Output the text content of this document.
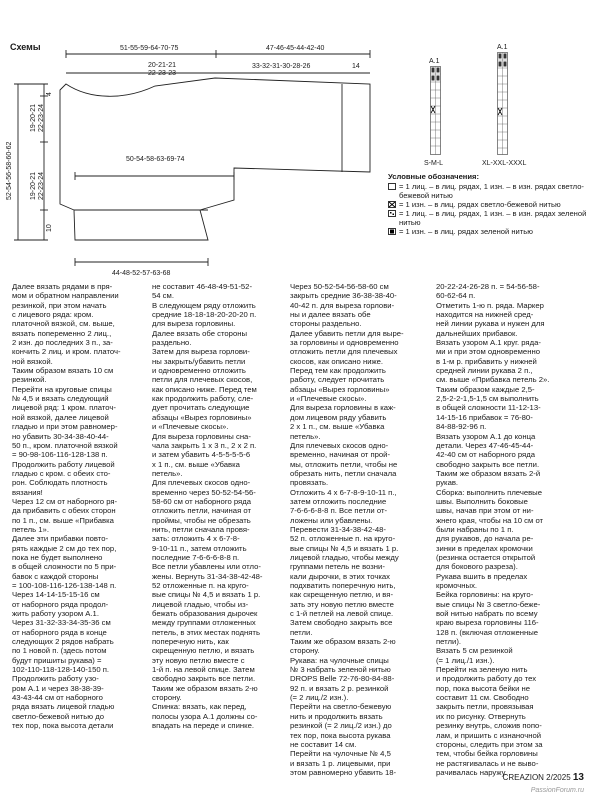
Схемы	51-55-59-64-70-75	47-46-45-44-42-40
20-21-21
22-23-23
33-32-31-30-28-26	14
50-54-58-63-69-74
44-48-52-57-63-68
52-54-56-58-60-62
4
19-20-21
22-23-24
19-20-21
22-23-24
10
A.1
A.1
S-M-L	XL-XXL-XXXL
Условные обозначения:
= 1 лиц. – в лиц. рядах, 1 изн. – в изн. рядах светло-бежевой нитью
= 1 изн. – в лиц. рядах светло-бежевой нитью
= 1 лиц. – в лиц. рядах, 1 изн. – в изн. рядах зеленой нитью
= 1 изн. – в лиц. рядах зеленой нитью
Далее вязать рядами в пря-
мом и обратном направлении
резинкой, при этом начать
с лицевого ряда: кром.
платочной вязкой, см. выше,
вязать попеременно 2 лиц.,
2 изн. до последних 3 п., за-
кончить 2 лиц. и кром. платоч-
ной вязкой.
Таким образом вязать 10 см
резинкой.
Перейти на круговые спицы
№ 4,5 и вязать следующий
лицевой ряд: 1 кром. платоч-
ной вязкой, далее лицевой
гладью и при этом равномер-
но убавить 30-34-38-40-44-
50 п., кром. платочной вязкой
= 90-98-106-116-128-138 п.
Продолжить работу лицевой
гладью с кром. с обеих сто-
рон. Соблюдать плотность
вязания!
Через 12 см от наборного ря-
да прибавить с обеих сторон
по 1 п., см. выше «Прибавка
петель 1».
Далее эти прибавки повто-
рять каждые 2 см до тех пор,
пока не будет выполнено
в общей сложности по 5 при-
бавок с каждой стороны
= 100-108-116-126-138-148 п.
Через 14-14-15-15-16 см
от наборного ряда продол-
жить работу узором А.1.
Через 31-32-33-34-35-36 см
от наборного ряда в конце
следующих 2 рядов набрать
по 1 новой п. (здесь потом
будут пришиты рукава) =
102-110-118-128-140-150 п.
Продолжить работу узо-
ром А.1 и через 38-38-39-
43-43-44 см от наборного
ряда вязать лицевой гладью
светло-бежевой нитью до
тех пор, пока высота детали
не составит 46-48-49-51-52-
54 см.
В следующем ряду отложить
средние 18-18-18-20-20-20 п.
для выреза горловины.
Далее вязать обе стороны
раздельно.
Затем для выреза горлови-
ны закрыть/убавить петли
и одновременно отложить
петли для плечевых скосов,
как описано ниже. Перед тем
как продолжить работу, сле-
дует прочитать следующие
абзацы «Вырез горловины»
и «Плечевые скосы».
Для выреза горловины сна-
чала закрыть 1 х 3 п., 2 х 2 п.
и затем убавить 4-5-5-5-5-6
х 1 п., см. выше «Убавка
петель».
Для плечевых скосов одно-
временно через 50-52-54-56-
58-60 см от наборного ряда
отложить петли, начиная от
проймы, чтобы не обрезать
нить, петли сначала провя-
зать: отложить 4 х 6-7-8-
9-10-11 п., затем отложить
последние 7-6-6-6-8-8 п.
Все петли убавлены или отло-
жены. Вернуть 31-34-38-42-48-
52 отложенные п. на круго-
вые спицы № 4,5 и вязать 1 р.
лицевой гладью, чтобы из-
бежать образования дырочек
между группами отложенных
петель, в этих местах поднять
поперечную нить, как
скрещенную петлю, и вязать
эту новую петлю вместе с
1-й п. на левой спице. Затем
свободно закрыть все петли.
Таким же образом вязать 2-ю
сторону.
Спинка: вязать, как перед,
полосы узора А.1 должны со-
впадать на переде и спинке.
Через 50-52-54-56-58-60 см
закрыть средние 36-38-38-40-
40-42 п. для выреза горлови-
ны и далее вязать обе
стороны раздельно.
Далее убавить петли для выре-
за горловины и одновременно
отложить петли для плечевых
скосов, как описано ниже.
Перед тем как продолжить
работу, следует прочитать
абзацы «Вырез горловины»
и «Плечевые скосы».
Для выреза горловины в каж-
дом лицевом ряду убавить
2 х 1 п., см. выше «Убавка
петель».
Для плечевых скосов одно-
временно, начиная от прой-
мы, отложить петли, чтобы не
обрезать нить, петли сначала
провязать.
Отложить 4 х 6-7-8-9-10-11 п.,
затем отложить последние
7-6-6-6-8-8 п. Все петли от-
ложены или убавлены.
Перевести 31-34-38-42-48-
52 п. отложенные п. на круго-
вые спицы № 4,5 и вязать 1 р.
лицевой гладью, чтобы между
группами петель не возни-
кали дырочки, в этих точках
подхватить поперечную нить,
как скрещенную петлю, и вя-
зать эту новую петлю вместе
с 1-й петлей на левой спице.
Затем свободно закрыть все
петли.
Таким же образом вязать 2-ю
сторону.
Рукава: на чулочные спицы
№ 3 набрать зеленой нитью
DROPS Belle 72-76-80-84-88-
92 п. и вязать 2 р. резинкой
(= 2 лиц./2 изн.).
Перейти на светло-бежевую
нить и продолжить вязать
резинкой (= 2 лиц./2 изн.) до
тех пор, пока высота рукава
не составит 14 см.
Перейти на чулочные № 4,5
и вязать 1 р. лицевыми, при
этом равномерно убавить 18-
20-22-24-26-28 п. = 54-56-58-
60-62-64 п.
Отметить 1-ю п. ряда. Маркер
находится на нижней сред-
ней линии рукава и нужен для
дальнейших прибавок.
Вязать узором А.1 круг. ряда-
ми и при этом одновременно
в 1-м р. прибавить у нижней
средней линии рукава 2 п.,
см. выше «Прибавка петель 2».
Таким образом каждые 2,5-
2,5-2-2-1,5-1,5 см выполнить
в общей сложности 11-12-13-
14-15-16 прибавок = 76-80-
84-88-92-96 п.
Вязать узором А.1 до конца
детали. Через 47-46-45-44-
42-40 см от наборного ряда
свободно закрыть все петли.
Таким же образом вязать 2-й
рукав.
Сборка: выполнить плечевые
швы. Выполнить боковые
швы, начав при этом от ни-
жнего края, чтобы на 10 см от
были набраны по 1 п.
для рукавов, до начала ре-
зинки в пределах кромочки
(резинка остается открытой
для бокового разреза).
Рукава вшить в пределах
кромочных.
Бейка горловины: на круго-
вые спицы № 3 светло-беже-
вой нитью набрать по всему
краю выреза горловины 116-
128 п. (включая отложенные
петли).
Вязать 5 см резинкой
(= 1 лиц./1 изн.).
Перейти на зеленую нить
и продолжить работу до тех
пор, пока высота бейки не
составит 11 см. Свободно
закрыть петли, провязывая
их по рисунку. Отвернуть
резинку внутрь, сложив попо-
лам, и пришить с изнаночной
стороны, следить при этом за
тем, чтобы бейка горловины
не растягивалась и не выво-
рачивалась наружу.
CREAZION 2/2025 13
PassionForum.ru
